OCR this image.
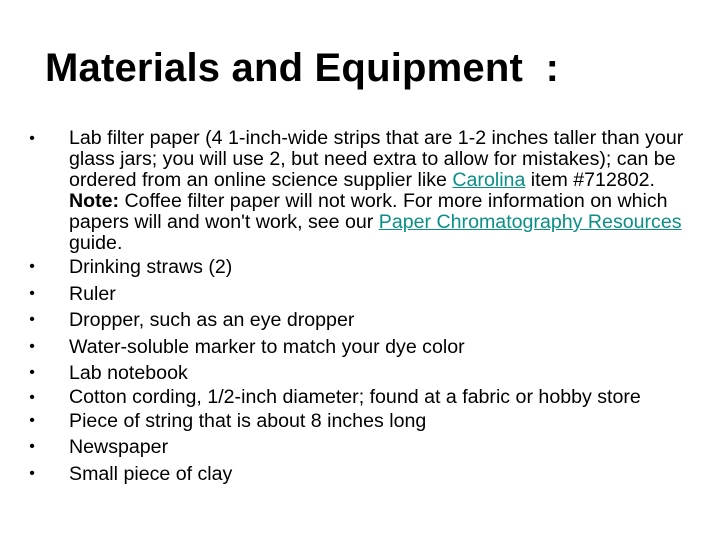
Materials and Equipment  :
• Lab filter paper (4 1-inch-wide strips that are 1-2 inches taller than your glass jars; you will use 2, but need extra to allow for mistakes); can be ordered from an online science supplier like Carolina item #712802. Note: Coffee filter paper will not work. For more information on which papers will and won't work, see our Paper Chromatography Resources guide.
• Drinking straws (2)
• Ruler
• Dropper, such as an eye dropper
• Water-soluble marker to match your dye color
• Lab notebook
• Cotton cording, 1/2-inch diameter; found at a fabric or hobby store
• Piece of string that is about 8 inches long
• Newspaper
• Small piece of clay
